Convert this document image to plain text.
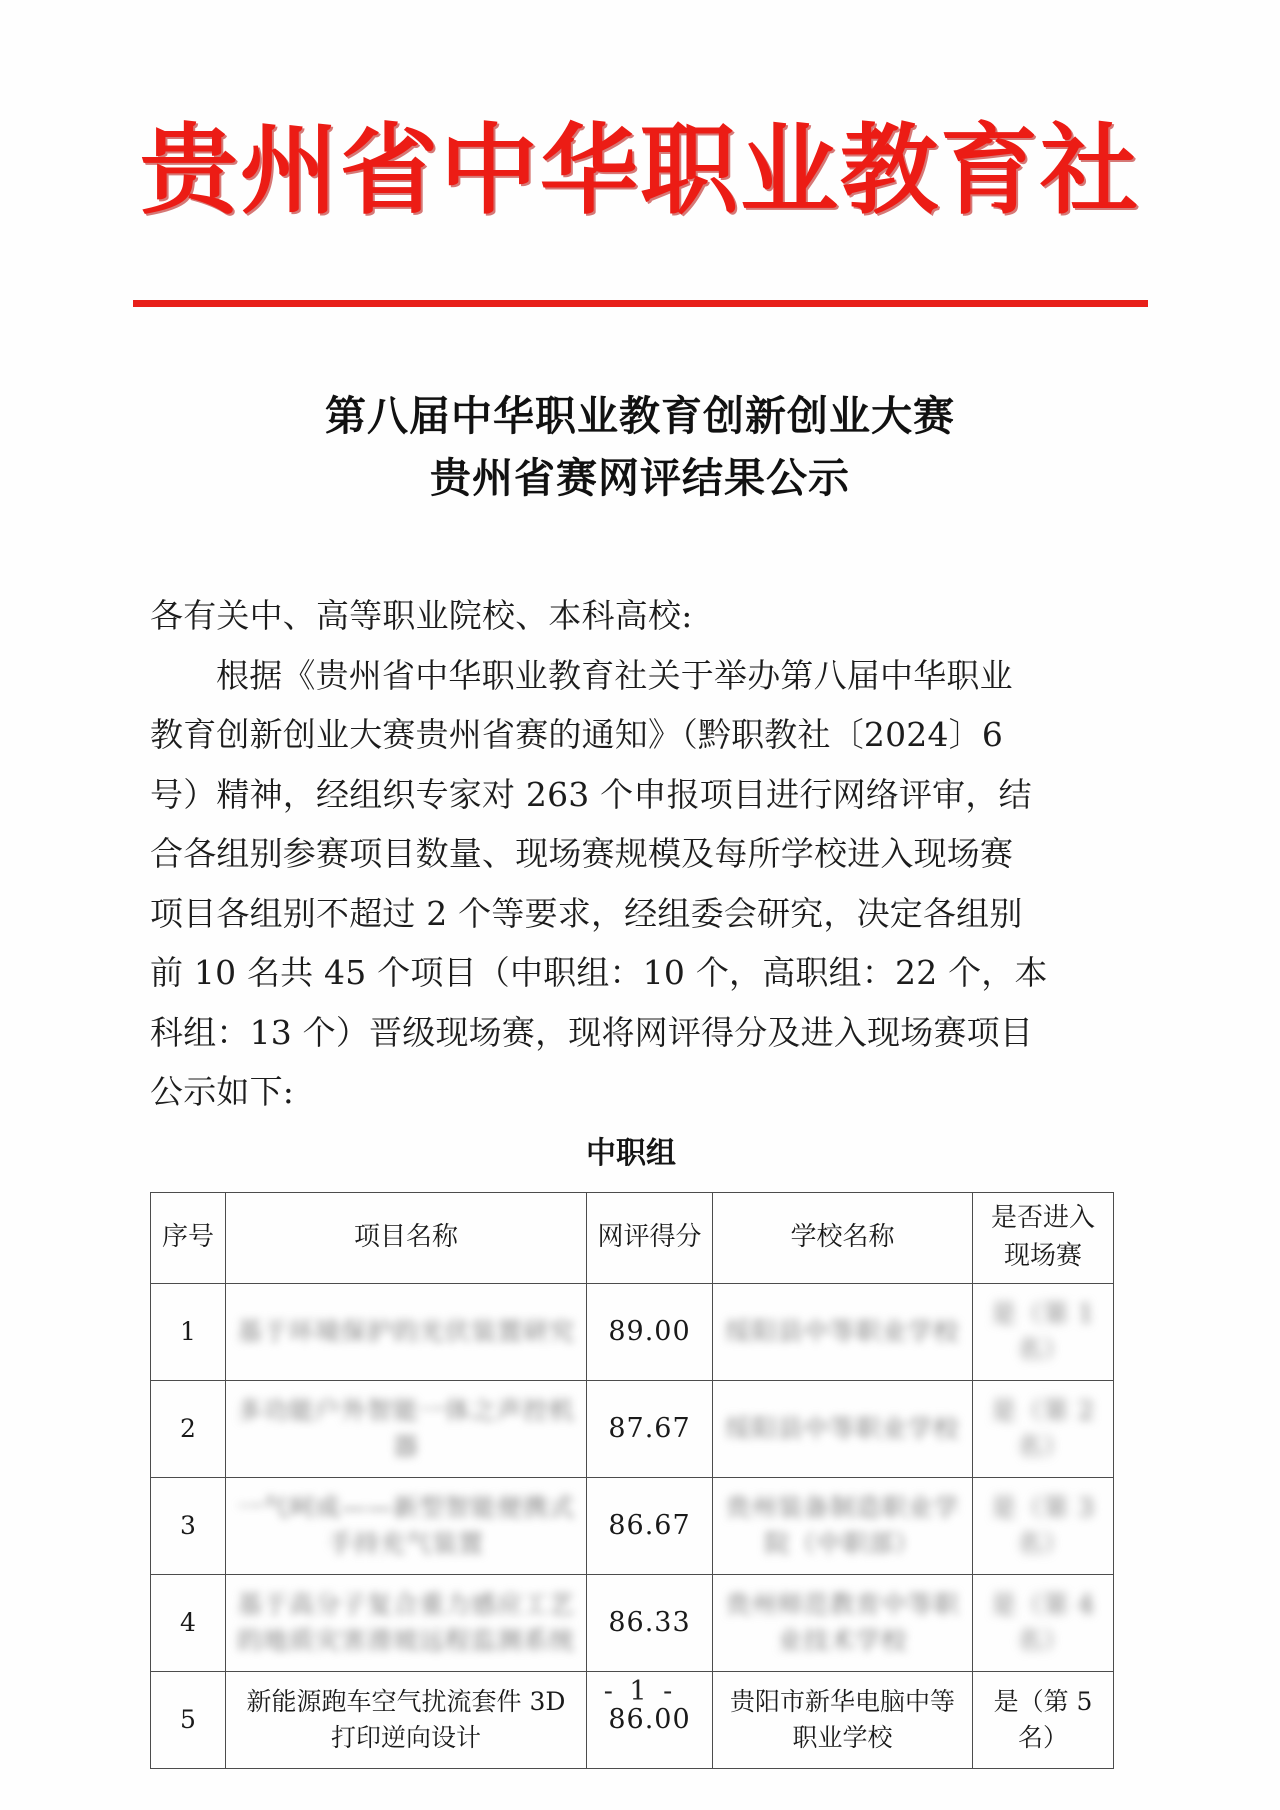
贵州省中华职业教育社
第八届中华职业教育创新创业大赛
贵州省赛网评结果公示
各有关中、高等职业院校、本科高校:
根据《贵州省中华职业教育社关于举办第八届中华职业
教育创新创业大赛贵州省赛的通知》（黔职教社〔2024〕6
号）精神，经组织专家对 263 个申报项目进行网络评审，结
合各组别参赛项目数量、现场赛规模及每所学校进入现场赛
项目各组别不超过 2 个等要求，经组委会研究，决定各组别
前 10 名共 45 个项目（中职组：10 个，高职组：22 个，本
科组：13 个）晋级现场赛，现将网评得分及进入现场赛项目
公示如下:
中职组
序号	项目名称	网评得分	学校名称	是否进入现场赛
1	基于环境保护的光伏装置研究	89.00	绥阳县中等职业学校	是（第 1 名）
2	多功能户外智能一体之声控机器	87.67	绥阳县中等职业学校	是（第 2 名）
3	一气呵成——新型智能便携式手持充气装置	86.67	贵州装备制造职业学院（中职部）	是（第 3 名）
4	基于高分子复合重力感应工艺的地质灾害滑坡远程监测系统	86.33	贵州师范教育中等职业技术学校	是（第 4 名）
5	新能源跑车空气扰流套件 3D 打印逆向设计	86.00	贵阳市新华电脑中等职业学校	是（第 5 名）
- 1 -
